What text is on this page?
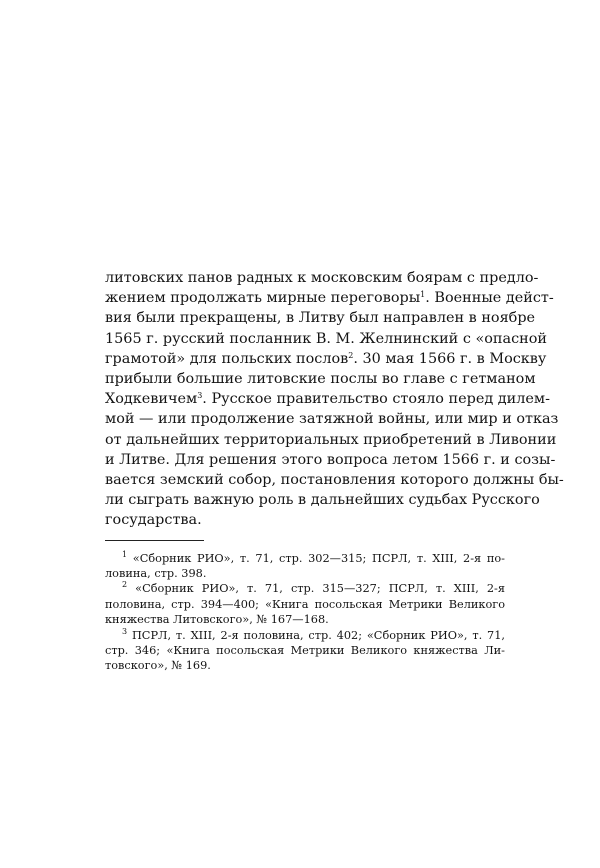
литовских панов радных к московским боярам с предло-

жением продолжать мирные переговоры$^1$. Военные дейст-

вия были прекращены, в Литву был направлен в ноябре

1565 г. русский посланник В. М. Желнинский с «опасной

грамотой» для польских послов$^2$. 30 мая 1566 г. в Москву

прибыли большие литовские послы во главе с гетманом

Ходкевичем$^3$. Русское правительство стояло перед дилем-

мой — или продолжение затяжной войны, или мир и отказ

от дальнейших территориальных приобретений в Ливонии

и Литве. Для решения этого вопроса летом 1566 г. и созы-

вается земский собор, постановления которого должны бы-

ли сыграть важную роль в дальнейших судьбах Русского

государства.

$^1$ «Сборник РИО», т. 71, стр. 302—315; ПСРЛ, т. XIII, 2-я по-

ловина, стр. 398.

$^2$ «Сборник РИО», т. 71, стр. 315—327; ПСРЛ, т. XIII, 2-я

половина, стр. 394—400; «Книга посольская Метрики Великого

княжества Литовского», № 167—168.

$^3$ ПСРЛ, т. XIII, 2-я половина, стр. 402; «Сборник РИО», т. 71,

стр. 346; «Книга посольская Метрики Великого княжества Ли-

товского», № 169.
